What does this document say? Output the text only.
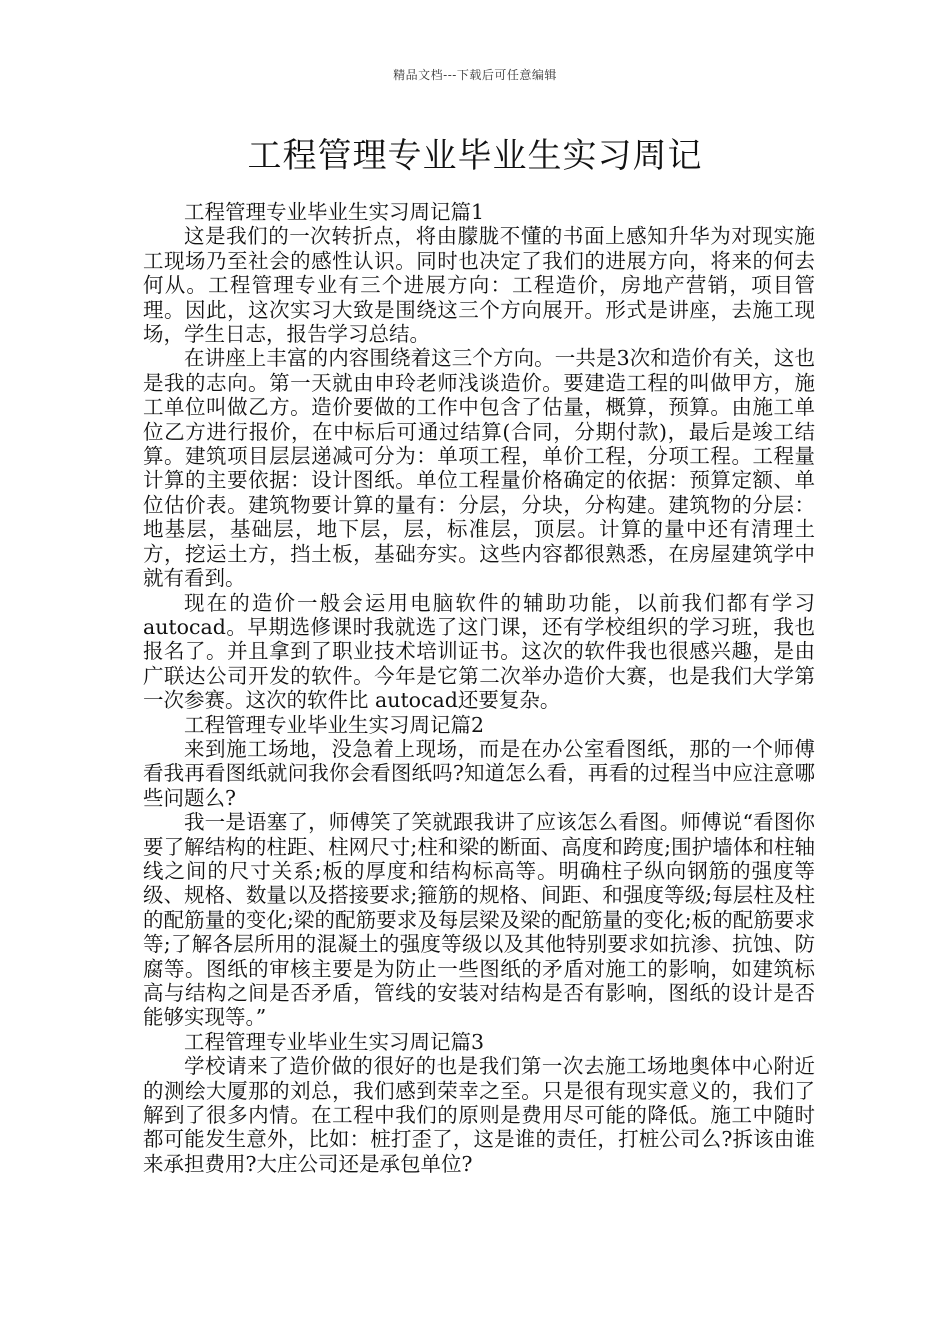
精品文档---下载后可任意编辑
工程管理专业毕业生实习周记

工程管理专业毕业生实习周记篇1

这是我们的一次转折点，将由朦胧不懂的书面上感知升华为对现实施工现场乃至社会的感性认识。同时也决定了我们的进展方向，将来的何去何从。工程管理专业有三个进展方向：工程造价，房地产营销，项目管理。因此，这次实习大致是围绕这三个方向展开。形式是讲座，去施工现场，学生日志，报告学习总结。

在讲座上丰富的内容围绕着这三个方向。一共是3次和造价有关，这也是我的志向。第一天就由申玲老师浅谈造价。要建造工程的叫做甲方，施工单位叫做乙方。造价要做的工作中包含了估量，概算，预算。由施工单位乙方进行报价，在中标后可通过结算(合同，分期付款)，最后是竣工结算。建筑项目层层递减可分为：单项工程，单价工程，分项工程。工程量计算的主要依据：设计图纸。单位工程量价格确定的依据：预算定额、单位估价表。建筑物要计算的量有：分层，分块，分构建。建筑物的分层：地基层，基础层，地下层，层，标准层，顶层。计算的量中还有清理土方，挖运土方，挡土板，基础夯实。这些内容都很熟悉，在房屋建筑学中就有看到。

现在的造价一般会运用电脑软件的辅助功能，以前我们都有学习autocad。早期选修课时我就选了这门课，还有学校组织的学习班，我也报名了。并且拿到了职业技术培训证书。这次的软件我也很感兴趣，是由广联达公司开发的软件。今年是它第二次举办造价大赛，也是我们大学第一次参赛。这次的软件比 autocad还要复杂。

工程管理专业毕业生实习周记篇2

来到施工场地，没急着上现场，而是在办公室看图纸，那的一个师傅看我再看图纸就问我你会看图纸吗?知道怎么看，再看的过程当中应注意哪些问题么?

我一是语塞了，师傅笑了笑就跟我讲了应该怎么看图。师傅说“看图你要了解结构的柱距、柱网尺寸;柱和梁的断面、高度和跨度;围护墙体和柱轴线之间的尺寸关系;板的厚度和结构标高等。明确柱子纵向钢筋的强度等级、规格、数量以及搭接要求;箍筋的规格、间距、和强度等级;每层柱及柱的配筋量的变化;梁的配筋要求及每层梁及梁的配筋量的变化;板的配筋要求等;了解各层所用的混凝土的强度等级以及其他特别要求如抗渗、抗蚀、防腐等。图纸的审核主要是为防止一些图纸的矛盾对施工的影响，如建筑标高与结构之间是否矛盾，管线的安装对结构是否有影响，图纸的设计是否能够实现等。”

工程管理专业毕业生实习周记篇3

学校请来了造价做的很好的也是我们第一次去施工场地奥体中心附近的测绘大厦那的刘总，我们感到荣幸之至。只是很有现实意义的，我们了解到了很多内情。在工程中我们的原则是费用尽可能的降低。施工中随时都可能发生意外，比如：桩打歪了，这是谁的责任，打桩公司么?拆该由谁来承担费用?大庄公司还是承包单位?
